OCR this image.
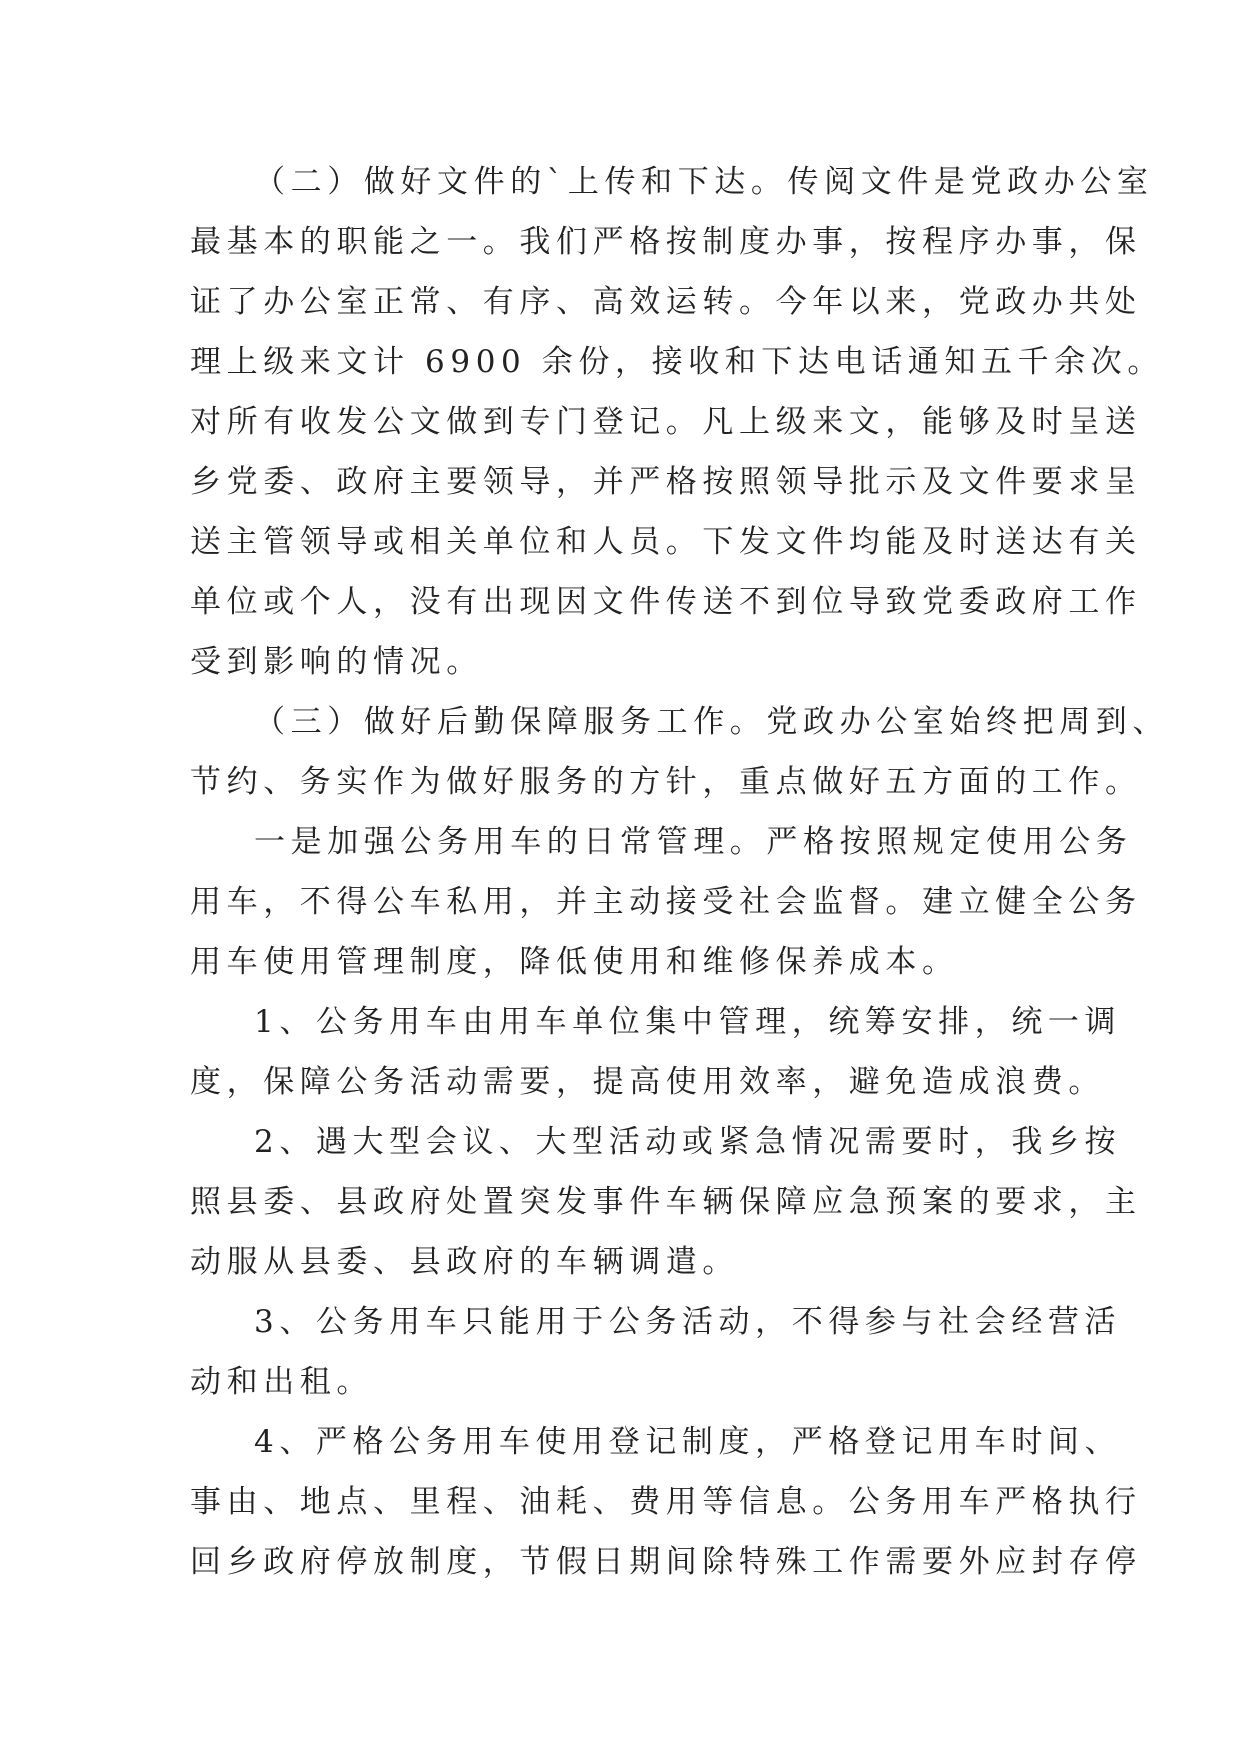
（二）做好文件的`上传和下达。传阅文件是党政办公室
最基本的职能之一。我们严格按制度办事，按程序办事，保
证了办公室正常、有序、高效运转。今年以来，党政办共处
理上级来文计 6900 余份，接收和下达电话通知五千余次。
对所有收发公文做到专门登记。凡上级来文，能够及时呈送
乡党委、政府主要领导，并严格按照领导批示及文件要求呈
送主管领导或相关单位和人员。下发文件均能及时送达有关
单位或个人，没有出现因文件传送不到位导致党委政府工作
受到影响的情况。
（三）做好后勤保障服务工作。党政办公室始终把周到、
节约、务实作为做好服务的方针，重点做好五方面的工作。
一是加强公务用车的日常管理。严格按照规定使用公务
用车，不得公车私用，并主动接受社会监督。建立健全公务
用车使用管理制度，降低使用和维修保养成本。
1、公务用车由用车单位集中管理，统筹安排，统一调
度，保障公务活动需要，提高使用效率，避免造成浪费。
2、遇大型会议、大型活动或紧急情况需要时，我乡按
照县委、县政府处置突发事件车辆保障应急预案的要求，主
动服从县委、县政府的车辆调遣。
3、公务用车只能用于公务活动，不得参与社会经营活
动和出租。
4、严格公务用车使用登记制度，严格登记用车时间、
事由、地点、里程、油耗、费用等信息。公务用车严格执行
回乡政府停放制度，节假日期间除特殊工作需要外应封存停
